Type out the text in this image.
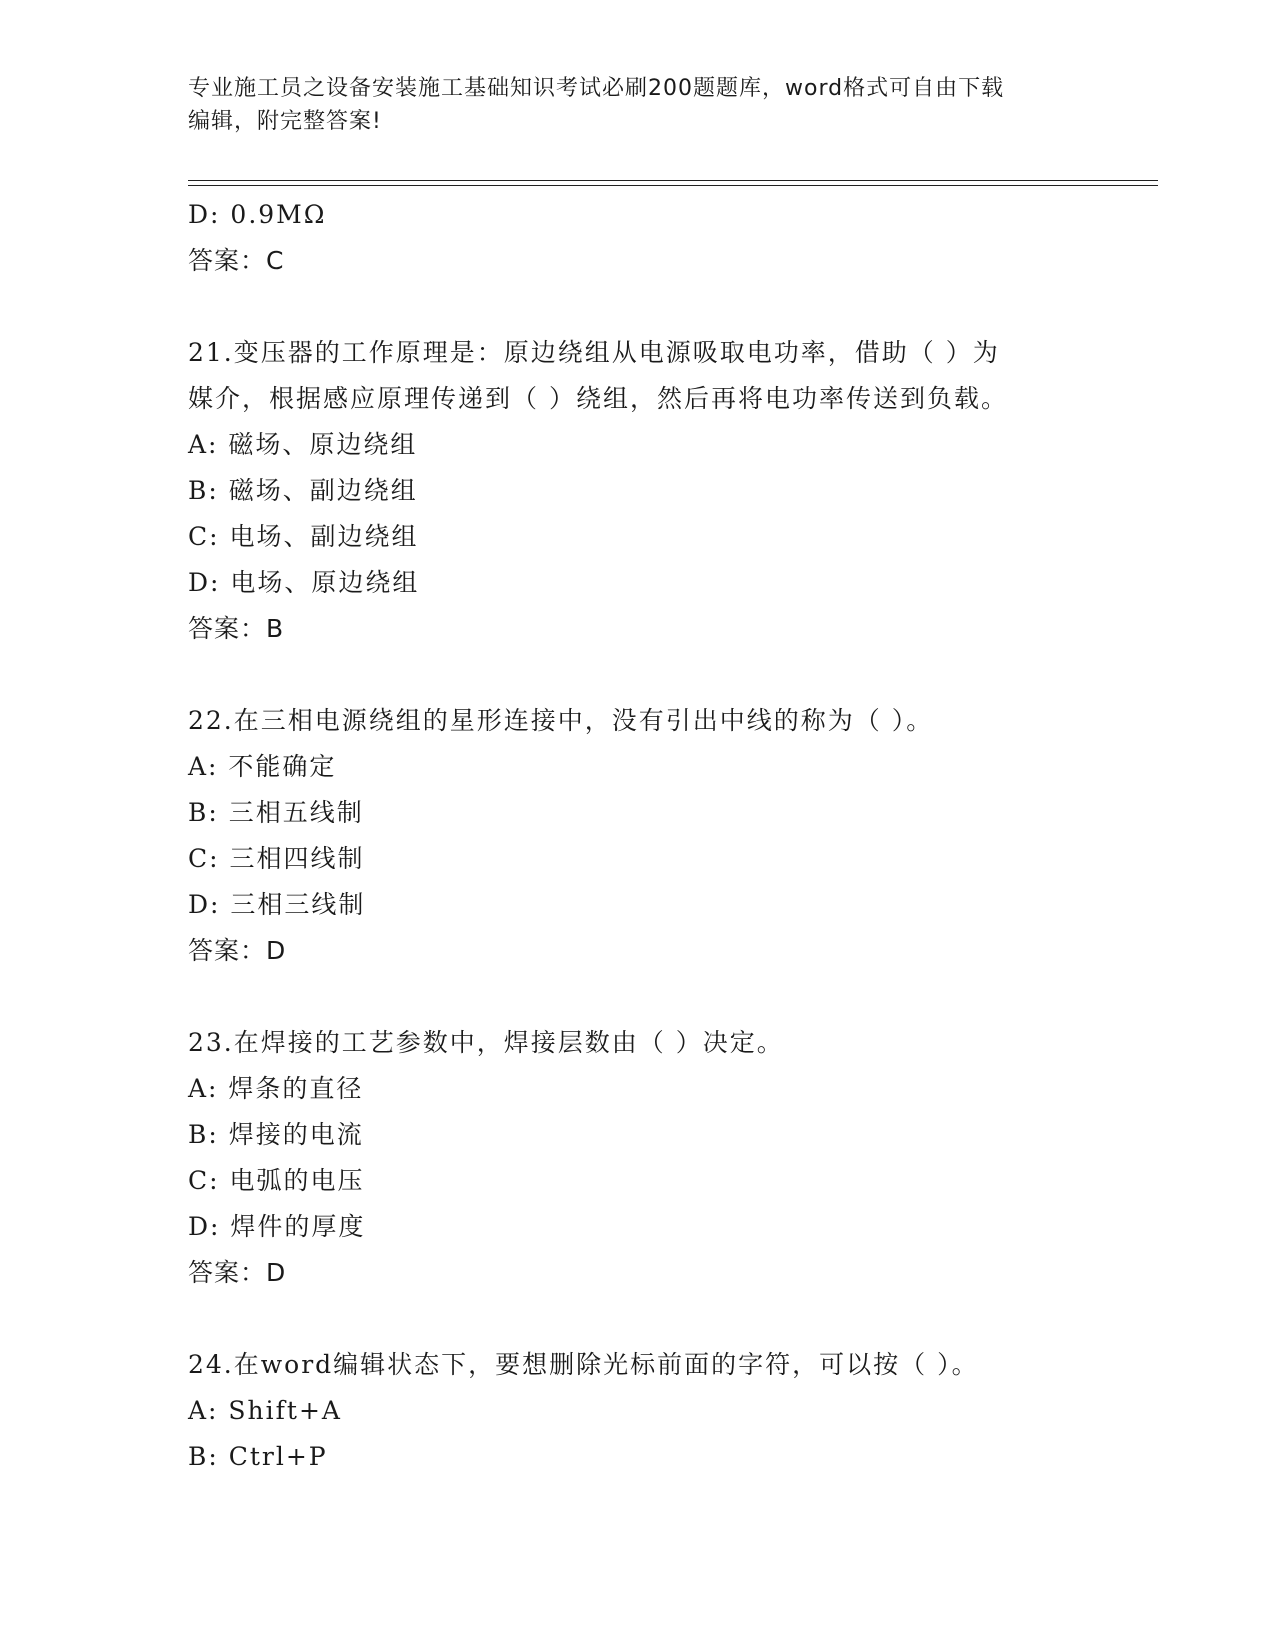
专业施工员之设备安装施工基础知识考试必刷200题题库，word格式可自由下载
编辑，附完整答案!
D: 0.9MΩ
答案：C
21.变压器的工作原理是：原边绕组从电源吸取电功率，借助（ ）为
媒介，根据感应原理传递到（ ）绕组，然后再将电功率传送到负载。
A: 磁场、原边绕组
B: 磁场、副边绕组
C: 电场、副边绕组
D: 电场、原边绕组
答案：B
22.在三相电源绕组的星形连接中，没有引出中线的称为（ ）。
A: 不能确定
B: 三相五线制
C: 三相四线制
D: 三相三线制
答案：D
23.在焊接的工艺参数中，焊接层数由（ ）决定。
A: 焊条的直径
B: 焊接的电流
C: 电弧的电压
D: 焊件的厚度
答案：D
24.在word编辑状态下，要想删除光标前面的字符，可以按（ ）。
A: Shift+A
B: Ctrl+P
